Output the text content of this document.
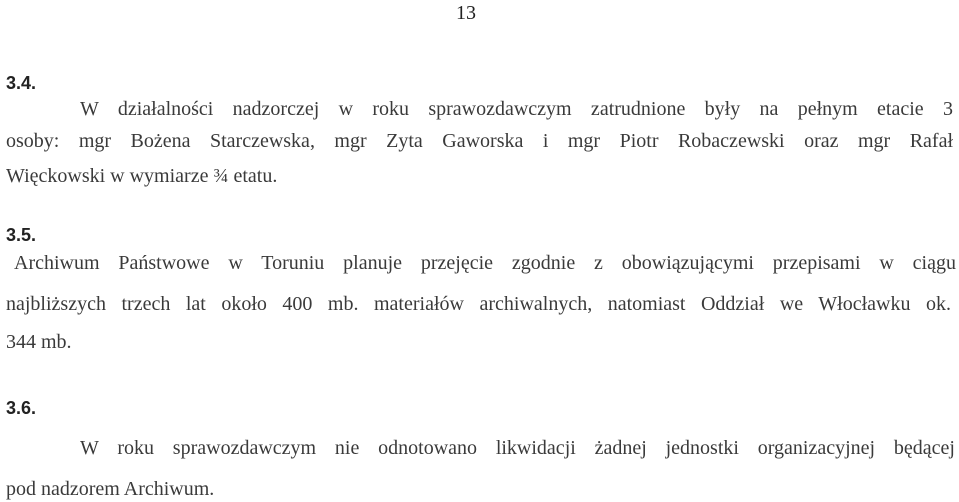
13
3.4.
W działalności nadzorczej w roku sprawozdawczym zatrudnione były na pełnym etacie 3
osoby: mgr Bożena Starczewska, mgr Zyta Gaworska i mgr Piotr Robaczewski oraz mgr Rafał
Więckowski w wymiarze ¾ etatu.
3.5.
Archiwum Państwowe w Toruniu planuje przejęcie zgodnie z obowiązującymi przepisami w ciągu
najbliższych trzech lat około 400 mb. materiałów archiwalnych, natomiast Oddział we Włocławku ok.
344 mb.
3.6.
W roku sprawozdawczym nie odnotowano likwidacji żadnej jednostki organizacyjnej będącej
pod nadzorem Archiwum.
